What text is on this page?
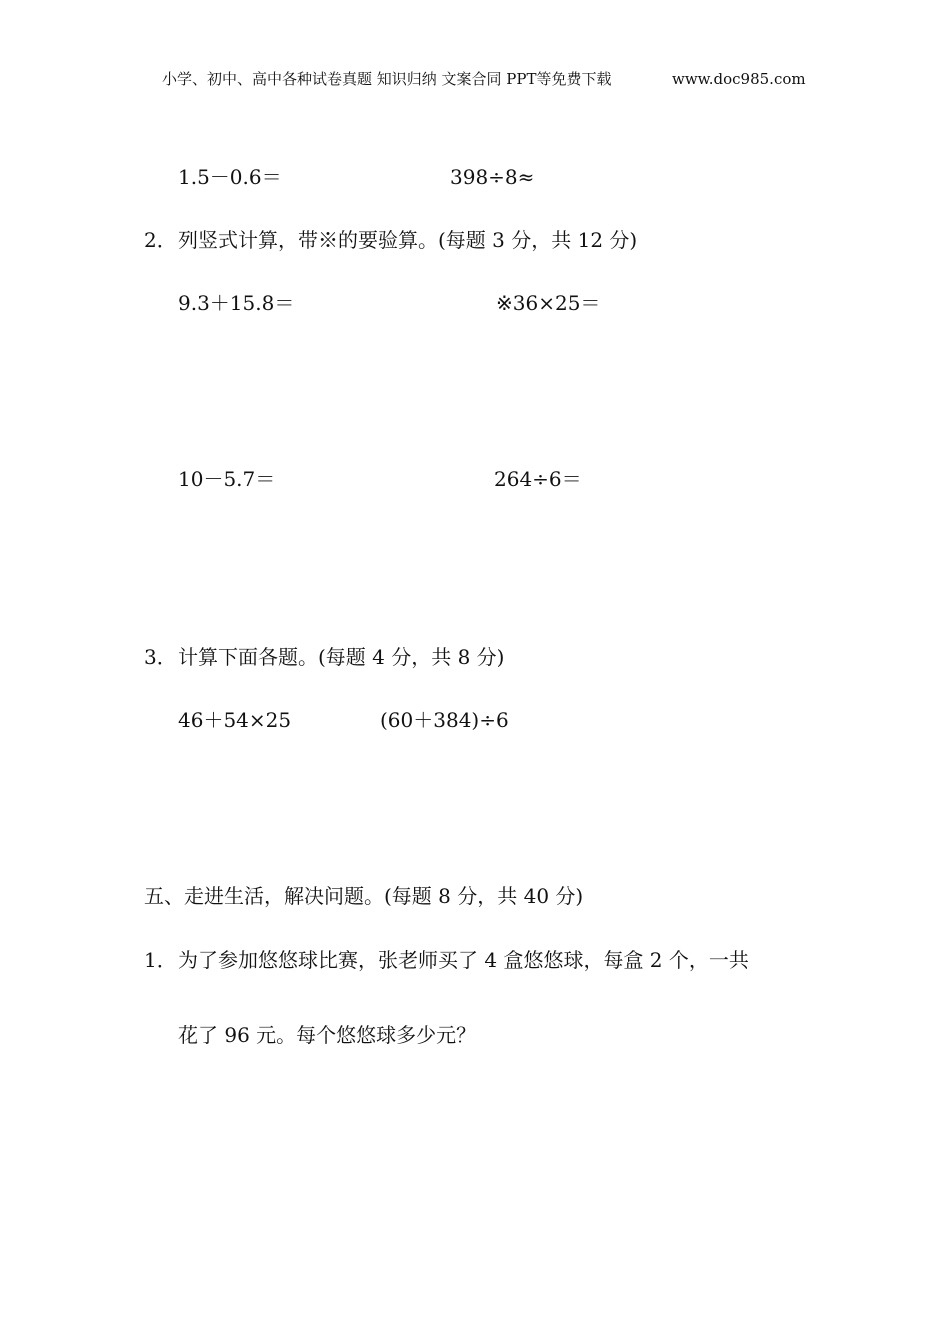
小学、初中、高中各种试卷真题 知识归纳 文案合同 PPT等免费下载	www.doc985.com
1.5－0.6＝	398÷8≈
2．列竖式计算，带※的要验算。(每题 3 分，共 12 分)
9.3＋15.8＝	※36×25＝
10－5.7＝	264÷6＝
3．计算下面各题。(每题 4 分，共 8 分)
46＋54×25	(60＋384)÷6
五、走进生活，解决问题。(每题 8 分，共 40 分)
1．为了参加悠悠球比赛，张老师买了 4 盒悠悠球，每盒 2 个，一共
花了 96 元。每个悠悠球多少元？
